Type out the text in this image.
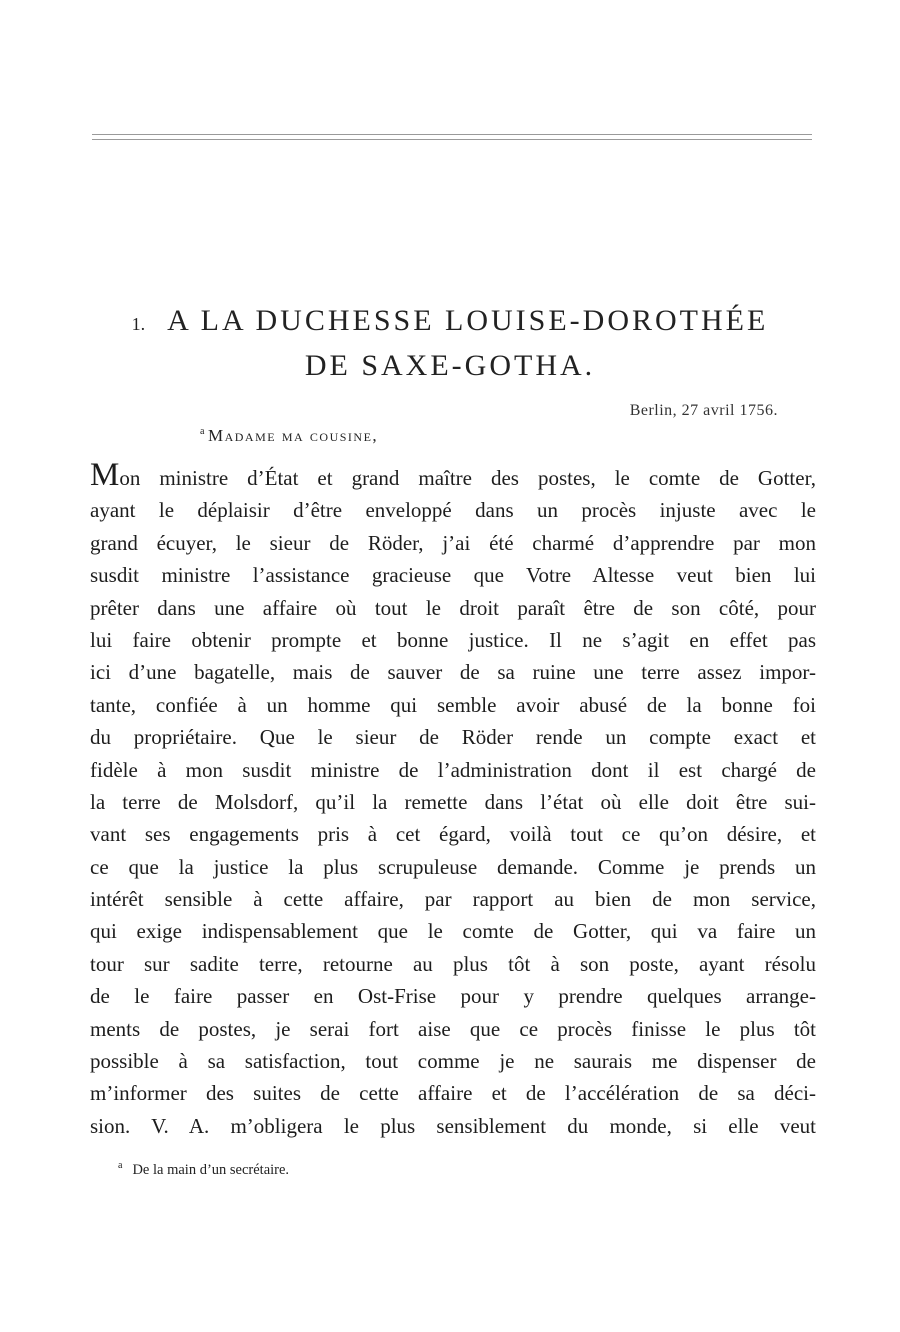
1. A LA DUCHESSE LOUISE-DOROTHÉE
DE SAXE-GOTHA.
Berlin, 27 avril 1756.
$^a$ Madame ma cousine,
Mon ministre d’État et grand maître des postes, le comte de Gotter,
ayant le déplaisir d’être enveloppé dans un procès injuste avec le
grand écuyer, le sieur de Röder, j’ai été charmé d’apprendre par mon
susdit ministre l’assistance gracieuse que Votre Altesse veut bien lui
prêter dans une affaire où tout le droit paraît être de son côté, pour
lui faire obtenir prompte et bonne justice. Il ne s’agit en effet pas
ici d’une bagatelle, mais de sauver de sa ruine une terre assez impor-
tante, confiée à un homme qui semble avoir abusé de la bonne foi
du propriétaire. Que le sieur de Röder rende un compte exact et
fidèle à mon susdit ministre de l’administration dont il est chargé de
la terre de Molsdorf, qu’il la remette dans l’état où elle doit être sui-
vant ses engagements pris à cet égard, voilà tout ce qu’on désire, et
ce que la justice la plus scrupuleuse demande. Comme je prends un
intérêt sensible à cette affaire, par rapport au bien de mon service,
qui exige indispensablement que le comte de Gotter, qui va faire un
tour sur sadite terre, retourne au plus tôt à son poste, ayant résolu
de le faire passer en Ost-Frise pour y prendre quelques arrange-
ments de postes, je serai fort aise que ce procès finisse le plus tôt
possible à sa satisfaction, tout comme je ne saurais me dispenser de
m’informer des suites de cette affaire et de l’accélération de sa déci-
sion. V. A. m’obligera le plus sensiblement du monde, si elle veut
$^a$ De la main d’un secrétaire.
